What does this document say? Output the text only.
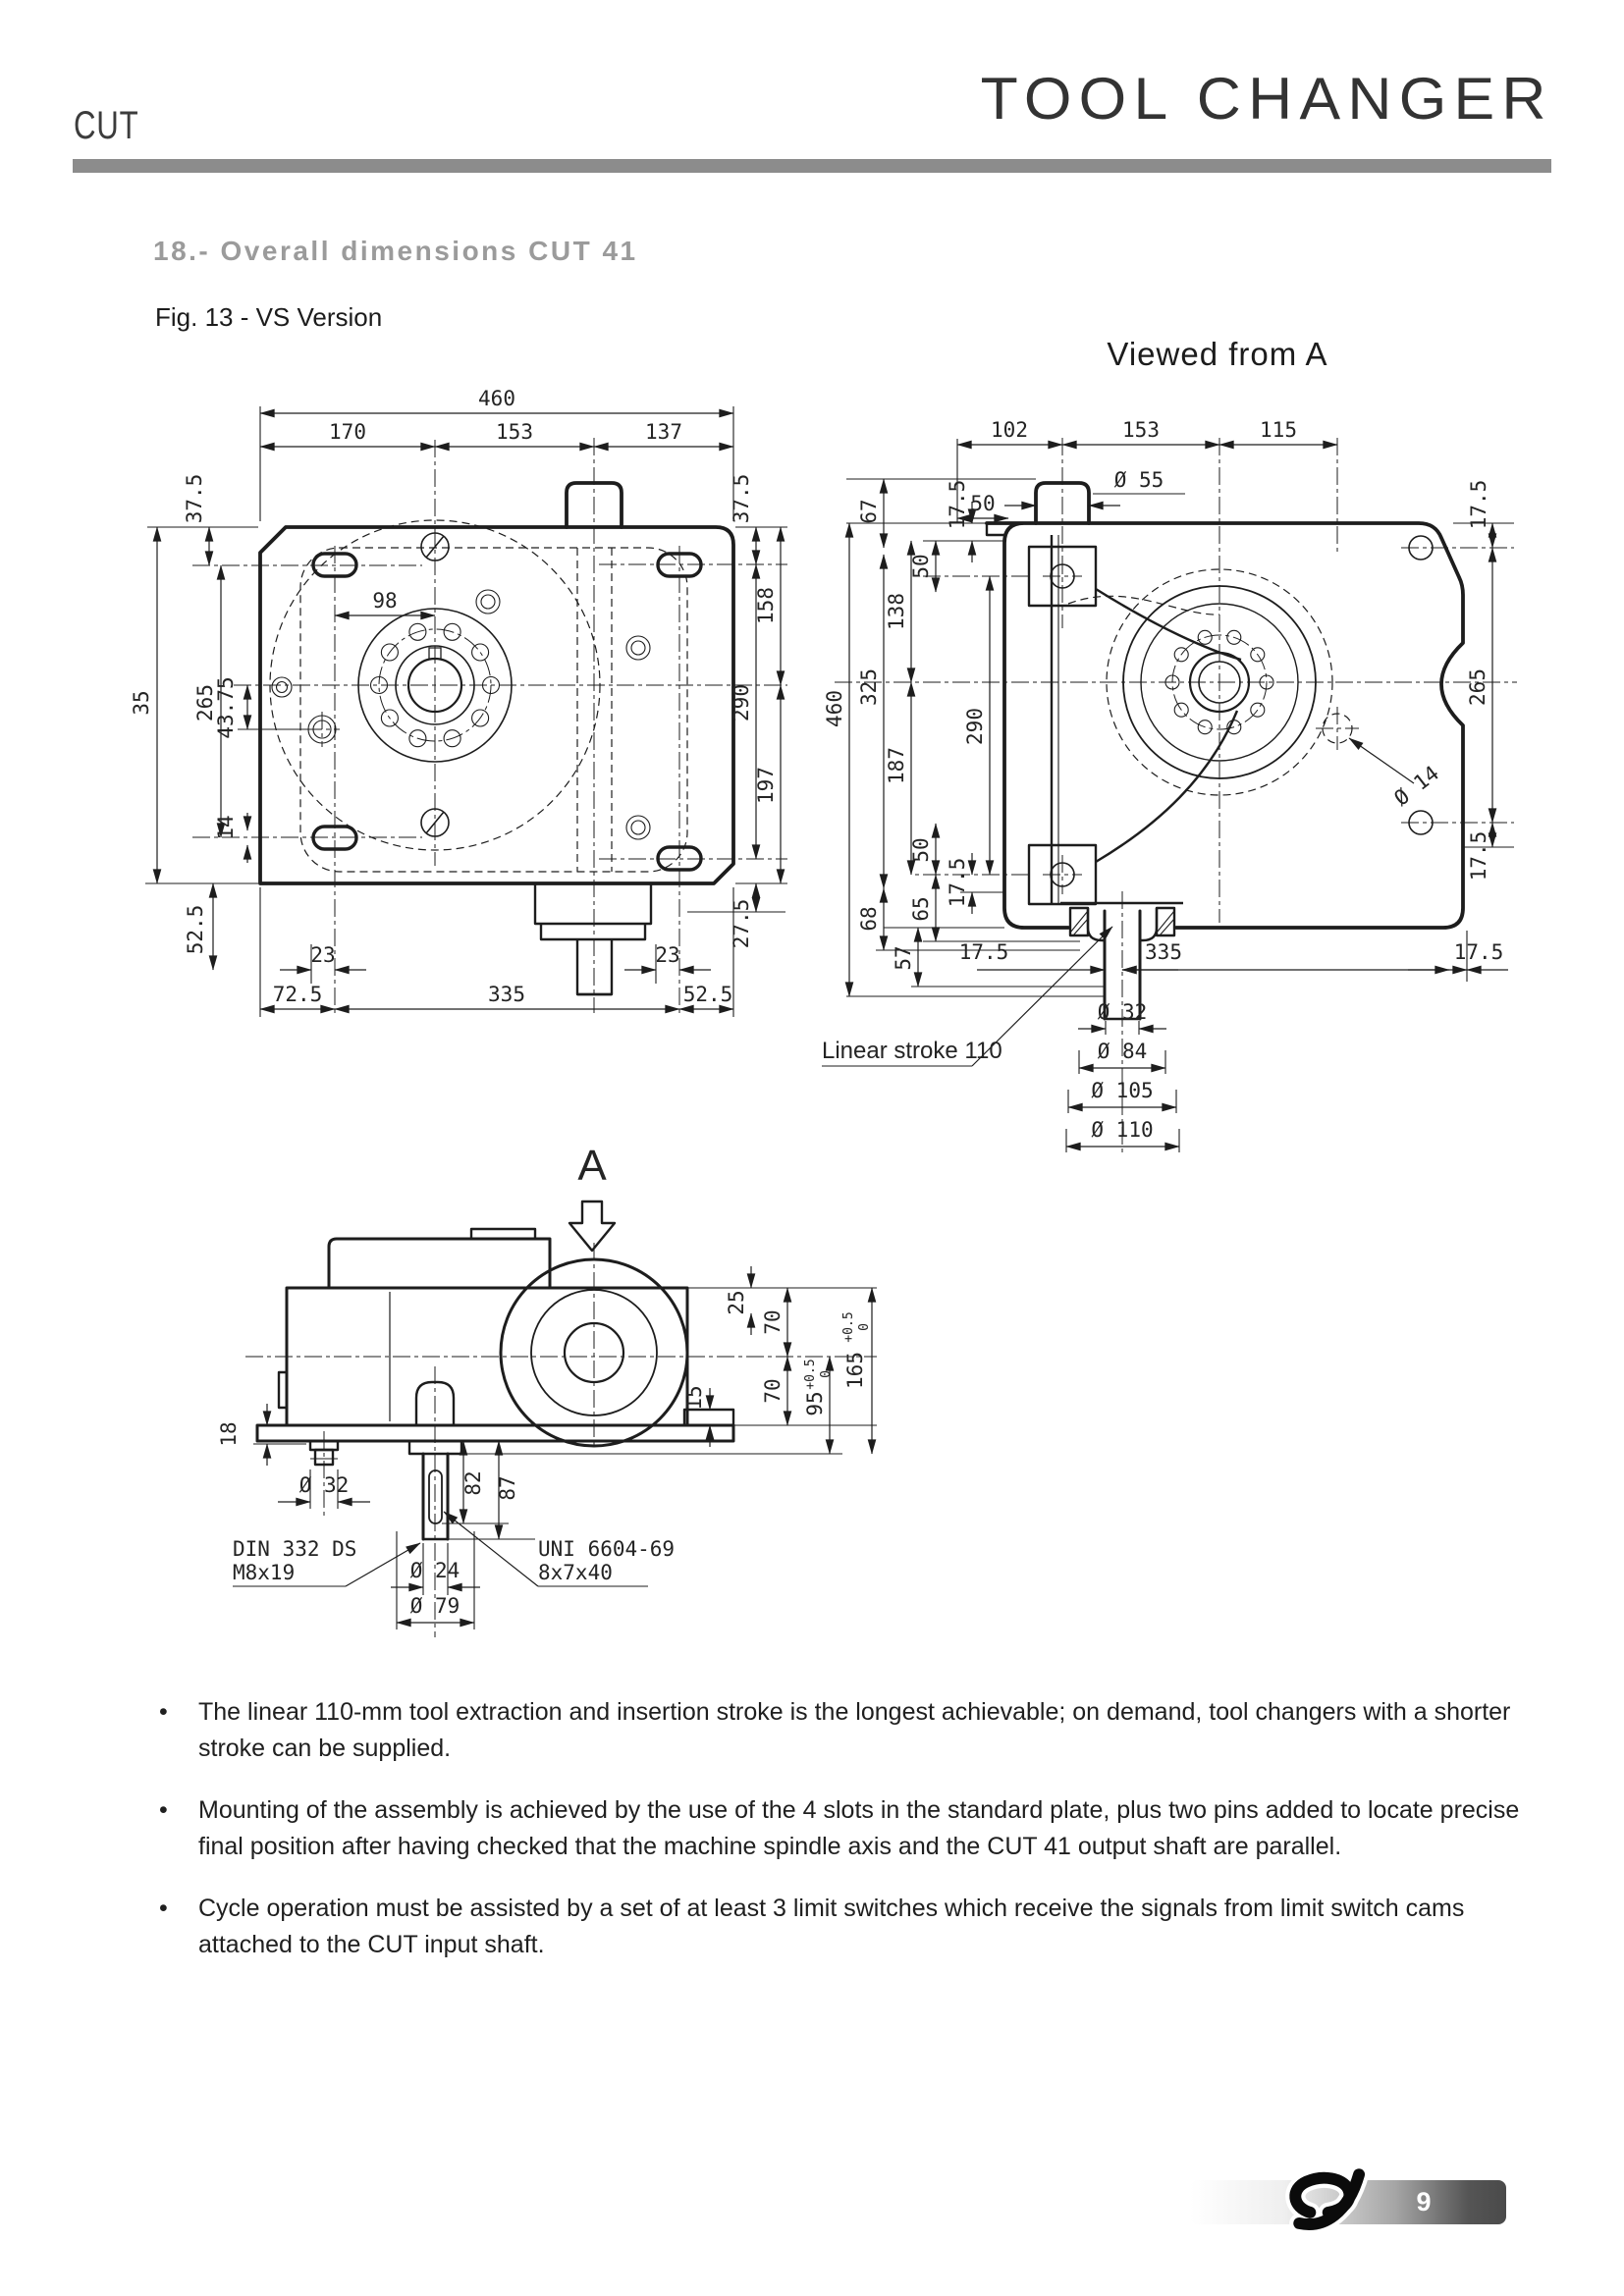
CUT	TOOL CHANGER
18.- Overall dimensions CUT 41
Fig. 13 - VS Version
Viewed from A
460
170	153	137
98
37.5
35 265
43.75
14
52.5
37.5
158
290
197
27.5
23	23
72.5	335	52.5
102	153	115
Ø 55
50
67	17.5
50
138
325
460	290
187
50
68 65
17.5
57
17.5
265
17.5
Ø 14
17.5	335	17.5
Ø 32
Ø 84
Ø 105
Ø 110
Linear stroke 110
A
25
70
70
15	95
+0.5 0 165
+0.5 0
18
Ø 32	82 87
Ø 24
Ø 79
DIN 332 DS
M8x19
UNI 6604-69
8x7x40
• The linear 110-mm tool extraction and insertion stroke is the longest achievable; on demand, tool changers with a shorter stroke can be supplied.
• Mounting of the assembly is achieved by the use of the 4 slots in the standard plate, plus two pins added to locate precise final position after having checked that the machine spindle axis and the CUT 41 output shaft are parallel.
• Cycle operation must be assisted by a set of at least 3 limit switches which receive the signals from limit switch cams attached to the CUT input shaft.
9
